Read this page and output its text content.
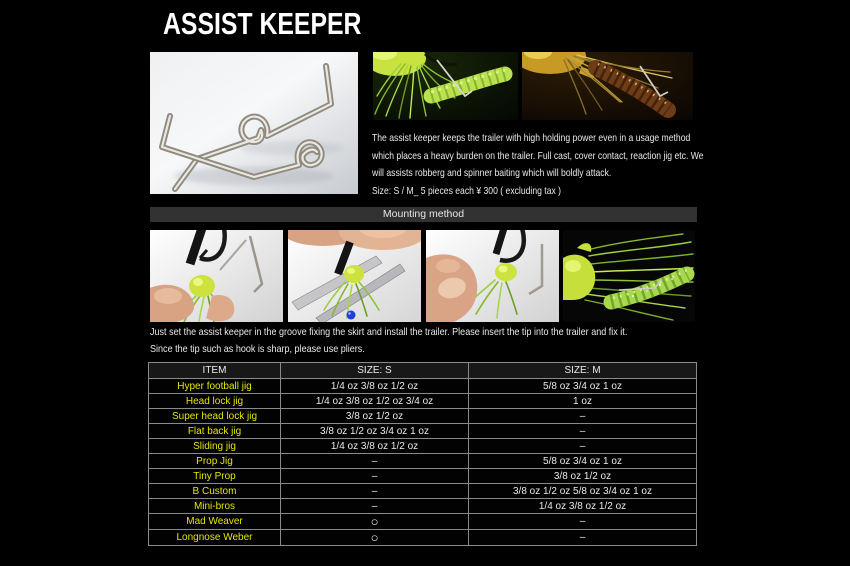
ASSIST KEEPER
The assist keeper keeps the trailer with high holding power even in a usage method
which places a heavy burden on the trailer. Full cast, cover contact, reaction jig etc. We
will assists robberg and spinner baiting which will boldly attack.
Size: S / M_ 5 pieces each ¥ 300 ( excluding tax )
Mounting method
Just set the assist keeper in the groove fixing the skirt and install the trailer. Please insert the tip into the trailer and fix it.
Since the tip such as hook is sharp, please use pliers.
ITEM	SIZE: S	SIZE: M
Hyper football jig	1/4 oz 3/8 oz 1/2 oz	5/8 oz 3/4 oz 1 oz
Head lock jig	1/4 oz 3/8 oz 1/2 oz 3/4 oz	1 oz
Super head lock jig	3/8 oz 1/2 oz	–
Flat back jig	3/8 oz 1/2 oz 3/4 oz 1 oz	–
Sliding jig	1/4 oz 3/8 oz 1/2 oz	–
Prop Jig	–	5/8 oz 3/4 oz 1 oz
Tiny Prop	–	3/8 oz 1/2 oz
B Custom	–	3/8 oz 1/2 oz 5/8 oz 3/4 oz 1 oz
Mini-bros	–	1/4 oz 3/8 oz 1/2 oz
Mad Weaver	○	–
Longnose Weber	○	–
